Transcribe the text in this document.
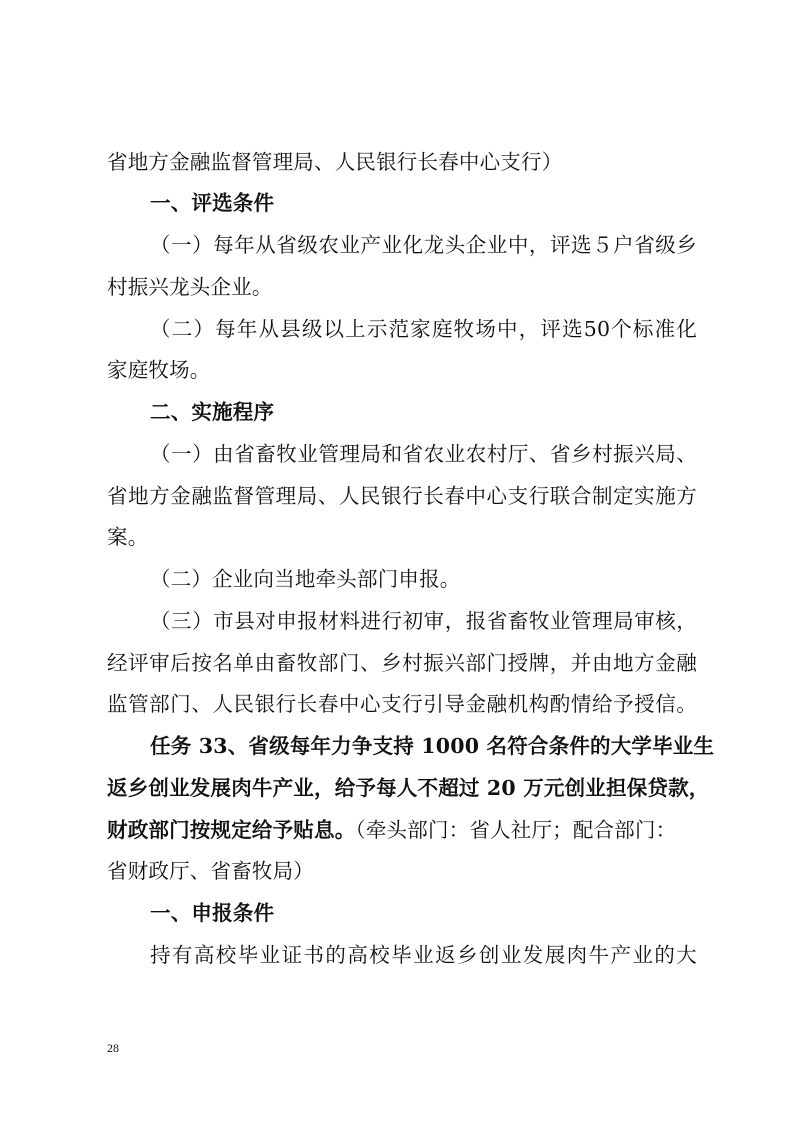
省地方金融监督管理局、人民银行长春中心支行）
一、评选条件
（一）每年从省级农业产业化龙头企业中，评选５户省级乡
村振兴龙头企业。
（二）每年从县级以上示范家庭牧场中，评选50个标准化
家庭牧场。
二、实施程序
（一）由省畜牧业管理局和省农业农村厅、省乡村振兴局、
省地方金融监督管理局、人民银行长春中心支行联合制定实施方
案。
（二）企业向当地牵头部门申报。
（三）市县对申报材料进行初审，报省畜牧业管理局审核，
经评审后按名单由畜牧部门、乡村振兴部门授牌，并由地方金融
监管部门、人民银行长春中心支行引导金融机构酌情给予授信。
任务 33、省级每年力争支持 1000 名符合条件的大学毕业生
返乡创业发展肉牛产业，给予每人不超过 20 万元创业担保贷款，
财政部门按规定给予贴息。（牵头部门：省人社厅；配合部门：
省财政厅、省畜牧局）
一、申报条件
持有高校毕业证书的高校毕业返乡创业发展肉牛产业的大
28
